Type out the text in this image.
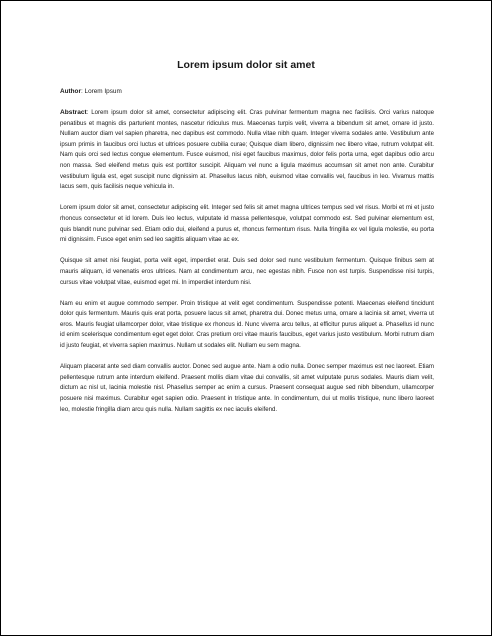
Lorem ipsum dolor sit amet

Author: Lorem Ipsum

Abstract: Lorem ipsum dolor sit amet, consectetur adipiscing elit. Cras pulvinar fermentum magna nec facilisis. Orci varius natoque penatibus et magnis dis parturient montes, nascetur ridiculus mus. Maecenas turpis velit, viverra a bibendum sit amet, ornare id justo. Nullam auctor diam vel sapien pharetra, nec dapibus est commodo. Nulla vitae nibh quam. Integer viverra sodales ante. Vestibulum ante ipsum primis in faucibus orci luctus et ultrices posuere cubilia curae; Quisque diam libero, dignissim nec libero vitae, rutrum volutpat elit. Nam quis orci sed lectus congue elementum. Fusce euismod, nisi eget faucibus maximus, dolor felis porta urna, eget dapibus odio arcu non massa. Sed eleifend metus quis est porttitor suscipit. Aliquam vel nunc a ligula maximus accumsan sit amet non ante. Curabitur vestibulum ligula est, eget suscipit nunc dignissim at. Phasellus lacus nibh, euismod vitae convallis vel, faucibus in leo. Vivamus mattis lacus sem, quis facilisis neque vehicula in.

Lorem ipsum dolor sit amet, consectetur adipiscing elit. Integer sed felis sit amet magna ultrices tempus sed vel risus. Morbi et mi et justo rhoncus consectetur et id lorem. Duis leo lectus, vulputate id massa pellentesque, volutpat commodo est. Sed pulvinar elementum est, quis blandit nunc pulvinar sed. Etiam odio dui, eleifend a purus et, rhoncus fermentum risus. Nulla fringilla ex vel ligula molestie, eu porta mi dignissim. Fusce eget enim sed leo sagittis aliquam vitae ac ex.

Quisque sit amet nisi feugiat, porta velit eget, imperdiet erat. Duis sed dolor sed nunc vestibulum fermentum. Quisque finibus sem at mauris aliquam, id venenatis eros ultrices. Nam at condimentum arcu, nec egestas nibh. Fusce non est turpis. Suspendisse nisi turpis, cursus vitae volutpat vitae, euismod eget mi. In imperdiet interdum nisi.

Nam eu enim et augue commodo semper. Proin tristique at velit eget condimentum. Suspendisse potenti. Maecenas eleifend tincidunt dolor quis fermentum. Mauris quis erat porta, posuere lacus sit amet, pharetra dui. Donec metus urna, ornare a lacinia sit amet, viverra ut eros. Mauris feugiat ullamcorper dolor, vitae tristique ex rhoncus id. Nunc viverra arcu tellus, at efficitur purus aliquet a. Phasellus id nunc id enim scelerisque condimentum eget eget dolor. Cras pretium orci vitae mauris faucibus, eget varius justo vestibulum. Morbi rutrum diam id justo feugiat, et viverra sapien maximus. Nullam ut sodales elit. Nullam eu sem magna.

Aliquam placerat ante sed diam convallis auctor. Donec sed augue ante. Nam a odio nulla. Donec semper maximus est nec laoreet. Etiam pellentesque rutrum ante interdum eleifend. Praesent mollis diam vitae dui convallis, sit amet vulputate purus sodales. Mauris diam velit, dictum ac nisl ut, lacinia molestie nisl. Phasellus semper ac enim a cursus. Praesent consequat augue sed nibh bibendum, ullamcorper posuere nisi maximus. Curabitur eget sapien odio. Praesent in tristique ante. In condimentum, dui ut mollis tristique, nunc libero laoreet leo, molestie fringilla diam arcu quis nulla. Nullam sagittis ex nec iaculis eleifend.
